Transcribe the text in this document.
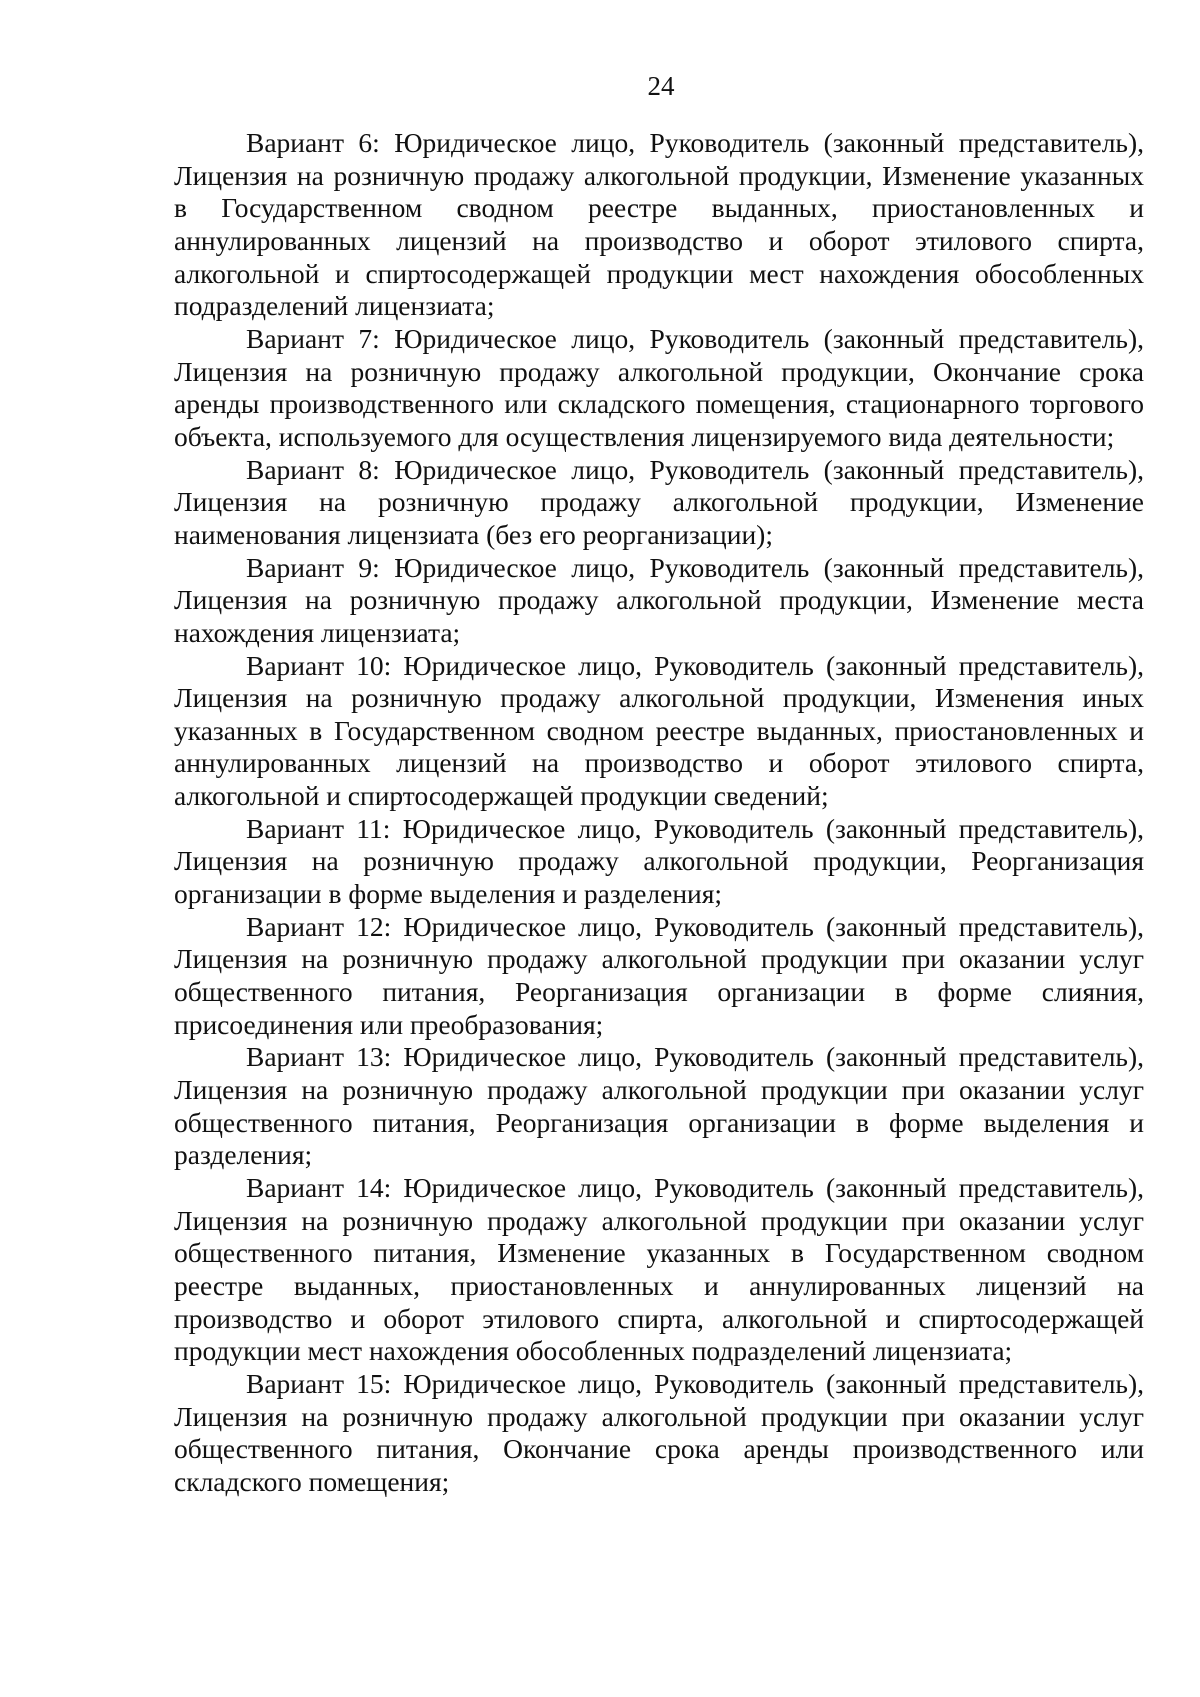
24

Вариант 6: Юридическое лицо, Руководитель (законный представитель), Лицензия на розничную продажу алкогольной продукции, Изменение указанных в Государственном сводном реестре выданных, приостановленных и аннулированных лицензий на производство и оборот этилового спирта, алкогольной и спиртосодержащей продукции мест нахождения обособленных подразделений лицензиата;

Вариант 7: Юридическое лицо, Руководитель (законный представитель), Лицензия на розничную продажу алкогольной продукции, Окончание срока аренды производственного или складского помещения, стационарного торгового объекта, используемого для осуществления лицензируемого вида деятельности;

Вариант 8: Юридическое лицо, Руководитель (законный представитель), Лицензия на розничную продажу алкогольной продукции, Изменение наименования лицензиата (без его реорганизации);

Вариант 9: Юридическое лицо, Руководитель (законный представитель), Лицензия на розничную продажу алкогольной продукции, Изменение места нахождения лицензиата;

Вариант 10: Юридическое лицо, Руководитель (законный представитель), Лицензия на розничную продажу алкогольной продукции, Изменения иных указанных в Государственном сводном реестре выданных, приостановленных и аннулированных лицензий на производство и оборот этилового спирта, алкогольной и спиртосодержащей продукции сведений;

Вариант 11: Юридическое лицо, Руководитель (законный представитель), Лицензия на розничную продажу алкогольной продукции, Реорганизация организации в форме выделения и разделения;

Вариант 12: Юридическое лицо, Руководитель (законный представитель), Лицензия на розничную продажу алкогольной продукции при оказании услуг общественного питания, Реорганизация организации в форме слияния, присоединения или преобразования;

Вариант 13: Юридическое лицо, Руководитель (законный представитель), Лицензия на розничную продажу алкогольной продукции при оказании услуг общественного питания, Реорганизация организации в форме выделения и разделения;

Вариант 14: Юридическое лицо, Руководитель (законный представитель), Лицензия на розничную продажу алкогольной продукции при оказании услуг общественного питания, Изменение указанных в Государственном сводном реестре выданных, приостановленных и аннулированных лицензий на производство и оборот этилового спирта, алкогольной и спиртосодержащей продукции мест нахождения обособленных подразделений лицензиата;

Вариант 15: Юридическое лицо, Руководитель (законный представитель), Лицензия на розничную продажу алкогольной продукции при оказании услуг общественного питания, Окончание срока аренды производственного или складского помещения;
